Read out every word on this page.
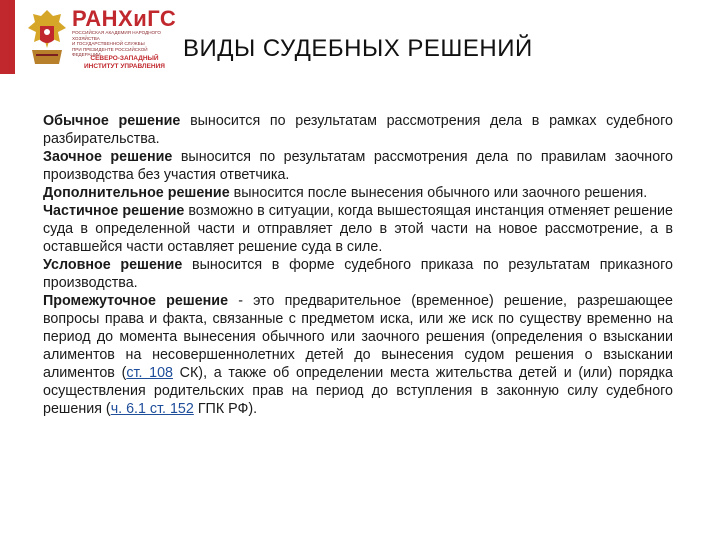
РАНХиГС
РОССИЙСКАЯ АКАДЕМИЯ НАРОДНОГО ХОЗЯЙСТВА
И ГОСУДАРСТВЕННОЙ СЛУЖБЫ
ПРИ ПРЕЗИДЕНТЕ РОССИЙСКОЙ ФЕДЕРАЦИИ
СЕВЕРО-ЗАПАДНЫЙ
ИНСТИТУТ УПРАВЛЕНИЯ
ВИДЫ СУДЕБНЫХ РЕШЕНИЙ

Обычное решение выносится по результатам рассмотрения дела в рамках судебного разбирательства.

Заочное решение выносится по результатам рассмотрения дела по правилам заочного производства без участия ответчика.

Дополнительное решение выносится после вынесения обычного или заочного решения.

Частичное решение возможно в ситуации, когда вышестоящая инстанция отменяет решение суда в определенной части и отправляет дело в этой части на новое рассмотрение, а в оставшейся части оставляет решение суда в силе.

Условное решение выносится в форме судебного приказа по результатам приказного производства.

Промежуточное решение - это предварительное (временное) решение, разрешающее вопросы права и факта, связанные с предметом иска, или же иск по существу временно на период до момента вынесения обычного или заочного решения (определения о взыскании алиментов на несовершеннолетних детей до вынесения судом решения о взыскании алиментов (ст. 108 СК), а также об определении места жительства детей и (или) порядка осуществления родительских прав на период до вступления в законную силу судебного решения (ч. 6.1 ст. 152 ГПК РФ).
